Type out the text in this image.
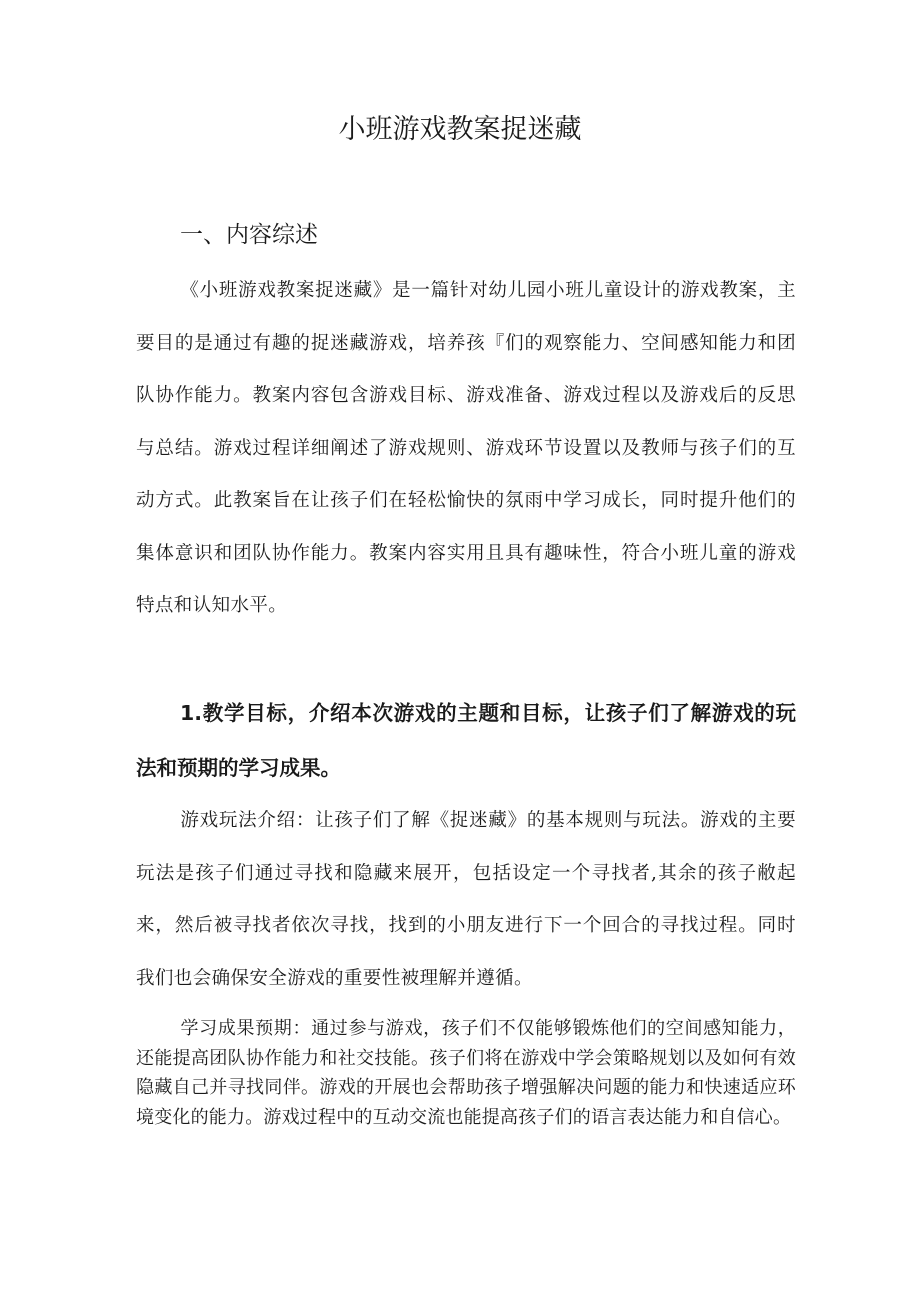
小班游戏教案捉迷藏
一、内容综述

《小班游戏教案捉迷藏》是一篇针对幼儿园小班儿童设计的游戏教案，主要目的是通过有趣的捉迷藏游戏，培养孩『们的观察能力、空间感知能力和团队协作能力。教案内容包含游戏目标、游戏准备、游戏过程以及游戏后的反思与总结。游戏过程详细阐述了游戏规则、游戏环节设置以及教师与孩子们的互动方式。此教案旨在让孩子们在轻松愉快的氛雨中学习成长，同时提升他们的集体意识和团队协作能力。教案内容实用且具有趣味性，符合小班儿童的游戏特点和认知水平。

1.教学目标，介绍本次游戏的主题和目标，让孩子们了解游戏的玩法和预期的学习成果。

游戏玩法介绍：让孩子们了解《捉迷藏》的基本规则与玩法。游戏的主要玩法是孩子们通过寻找和隐藏来展开，包括设定一个寻找者,其余的孩子敝起来，然后被寻找者依次寻找，找到的小朋友进行下一个回合的寻找过程。同时我们也会确保安全游戏的重要性被理解并遵循。

学习成果预期：通过参与游戏，孩子们不仅能够锻炼他们的空间感知能力，还能提高团队协作能力和社交技能。孩子们将在游戏中学会策略规划以及如何有效隐藏自己并寻找同伴。游戏的开展也会帮助孩子增强解决问题的能力和快速适应环境变化的能力。游戏过程中的互动交流也能提高孩子们的语言表达能力和自信心。
